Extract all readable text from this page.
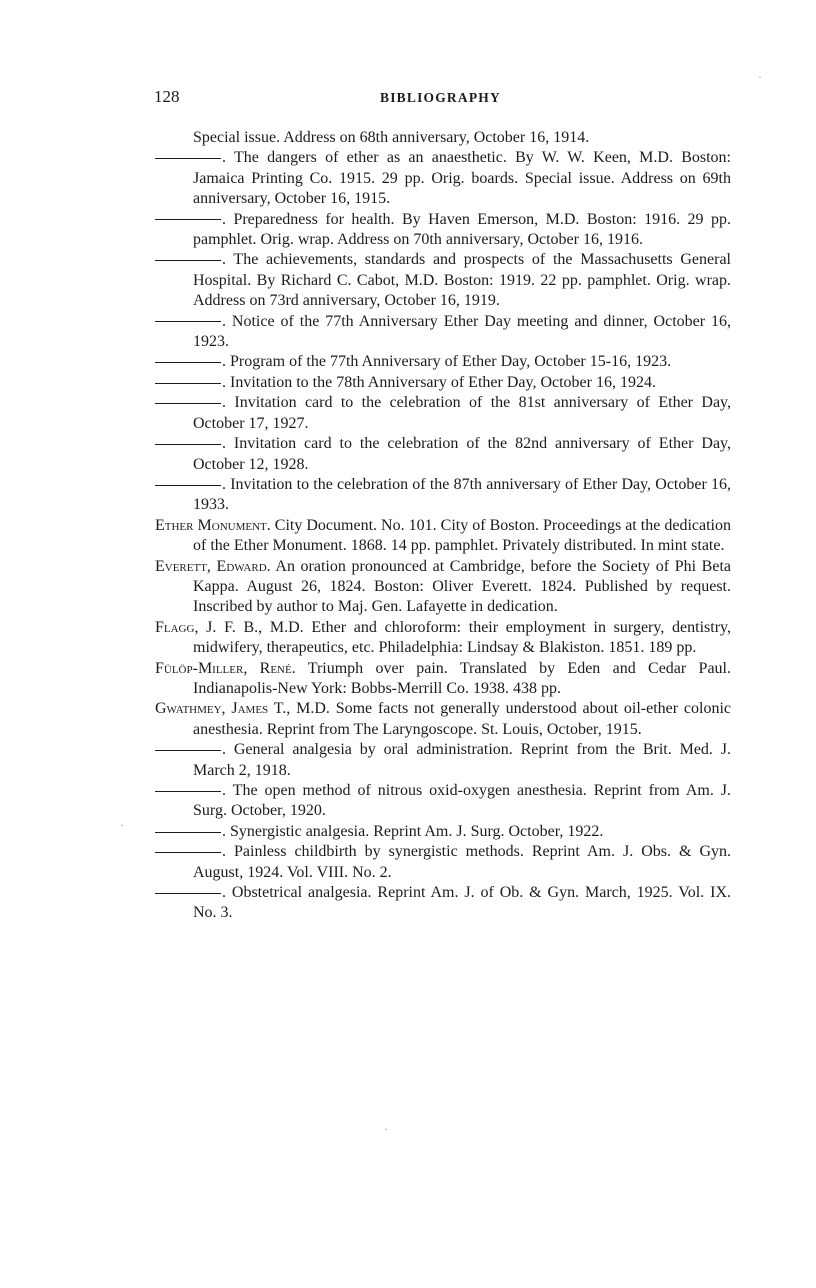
128	BIBLIOGRAPHY

Special issue. Address on 68th anniversary, October 16, 1914.

. The dangers of ether as an anaesthetic. By W. W. Keen, M.D. Boston: Jamaica Printing Co. 1915. 29 pp. Orig. boards. Special issue. Address on 69th anniversary, October 16, 1915.

. Preparedness for health. By Haven Emerson, M.D. Boston: 1916. 29 pp. pamphlet. Orig. wrap. Address on 70th anniversary, October 16, 1916.

. The achievements, standards and prospects of the Massachusetts General Hospital. By Richard C. Cabot, M.D. Boston: 1919. 22 pp. pamphlet. Orig. wrap. Address on 73rd anniversary, October 16, 1919.

. Notice of the 77th Anniversary Ether Day meeting and dinner, October 16, 1923.

. Program of the 77th Anniversary of Ether Day, October 15-16, 1923.

. Invitation to the 78th Anniversary of Ether Day, October 16, 1924.

. Invitation card to the celebration of the 81st anniversary of Ether Day, October 17, 1927.

. Invitation card to the celebration of the 82nd anniversary of Ether Day, October 12, 1928.

. Invitation to the celebration of the 87th anniversary of Ether Day, October 16, 1933.

Ether Monument. City Document. No. 101. City of Boston. Proceedings at the dedication of the Ether Monument. 1868. 14 pp. pamphlet. Privately distributed. In mint state.

Everett, Edward. An oration pronounced at Cambridge, before the Society of Phi Beta Kappa. August 26, 1824. Boston: Oliver Everett. 1824. Published by request. Inscribed by author to Maj. Gen. Lafayette in dedication.

Flagg, J. F. B., M.D. Ether and chloroform: their employment in surgery, dentistry, midwifery, therapeutics, etc. Philadelphia: Lindsay & Blakiston. 1851. 189 pp.

Fülöp-Miller, René. Triumph over pain. Translated by Eden and Cedar Paul. Indianapolis-New York: Bobbs-Merrill Co. 1938. 438 pp.

Gwathmey, James T., M.D. Some facts not generally understood about oil-ether colonic anesthesia. Reprint from The Laryngoscope. St. Louis, October, 1915.

. General analgesia by oral administration. Reprint from the Brit. Med. J. March 2, 1918.

. The open method of nitrous oxid-oxygen anesthesia. Reprint from Am. J. Surg. October, 1920.

. Synergistic analgesia. Reprint Am. J. Surg. October, 1922.

. Painless childbirth by synergistic methods. Reprint Am. J. Obs. & Gyn. August, 1924. Vol. VIII. No. 2.

. Obstetrical analgesia. Reprint Am. J. of Ob. & Gyn. March, 1925. Vol. IX. No. 3.

·
·
·
